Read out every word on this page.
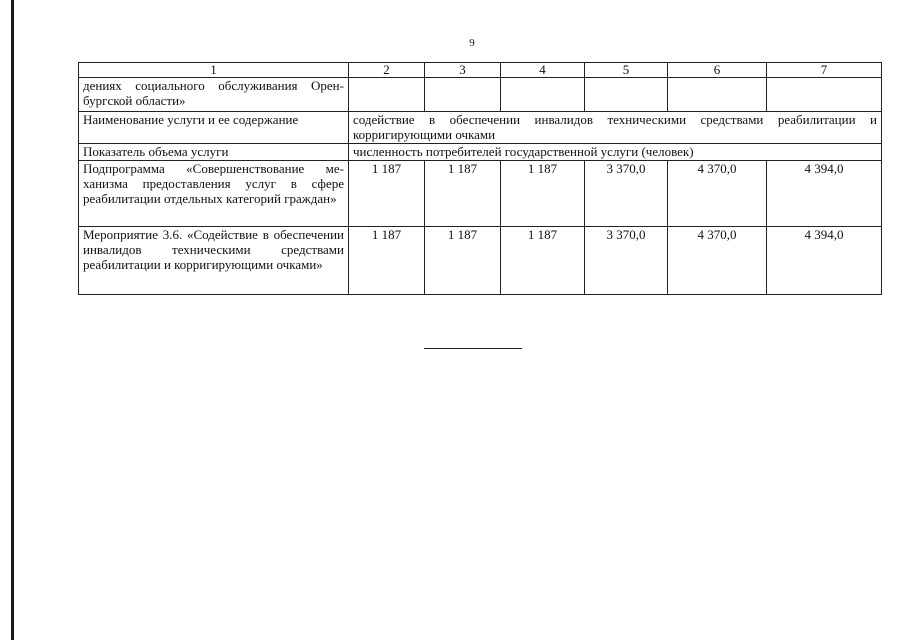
9
1	2	3	4	5	6	7
дениях социального обслуживания Оренбургской области»						
Наименование услуги и ее содержание	содействие в обеспечении инвалидов техническими средствами реабилитации и корригирующими очками					
Показатель объема услуги	численность потребителей государственной услуги (человек)					
Подпрограмма «Совершенствование механизма предоставления услуг в сфере реабилитации отдельных категорий граждан»	1 187	1 187	1 187	3 370,0	4 370,0	4 394,0
Мероприятие 3.6. «Содействие в обеспечении инвалидов техническими средствами реабилитации и корригирующими очками»	1 187	1 187	1 187	3 370,0	4 370,0	4 394,0
